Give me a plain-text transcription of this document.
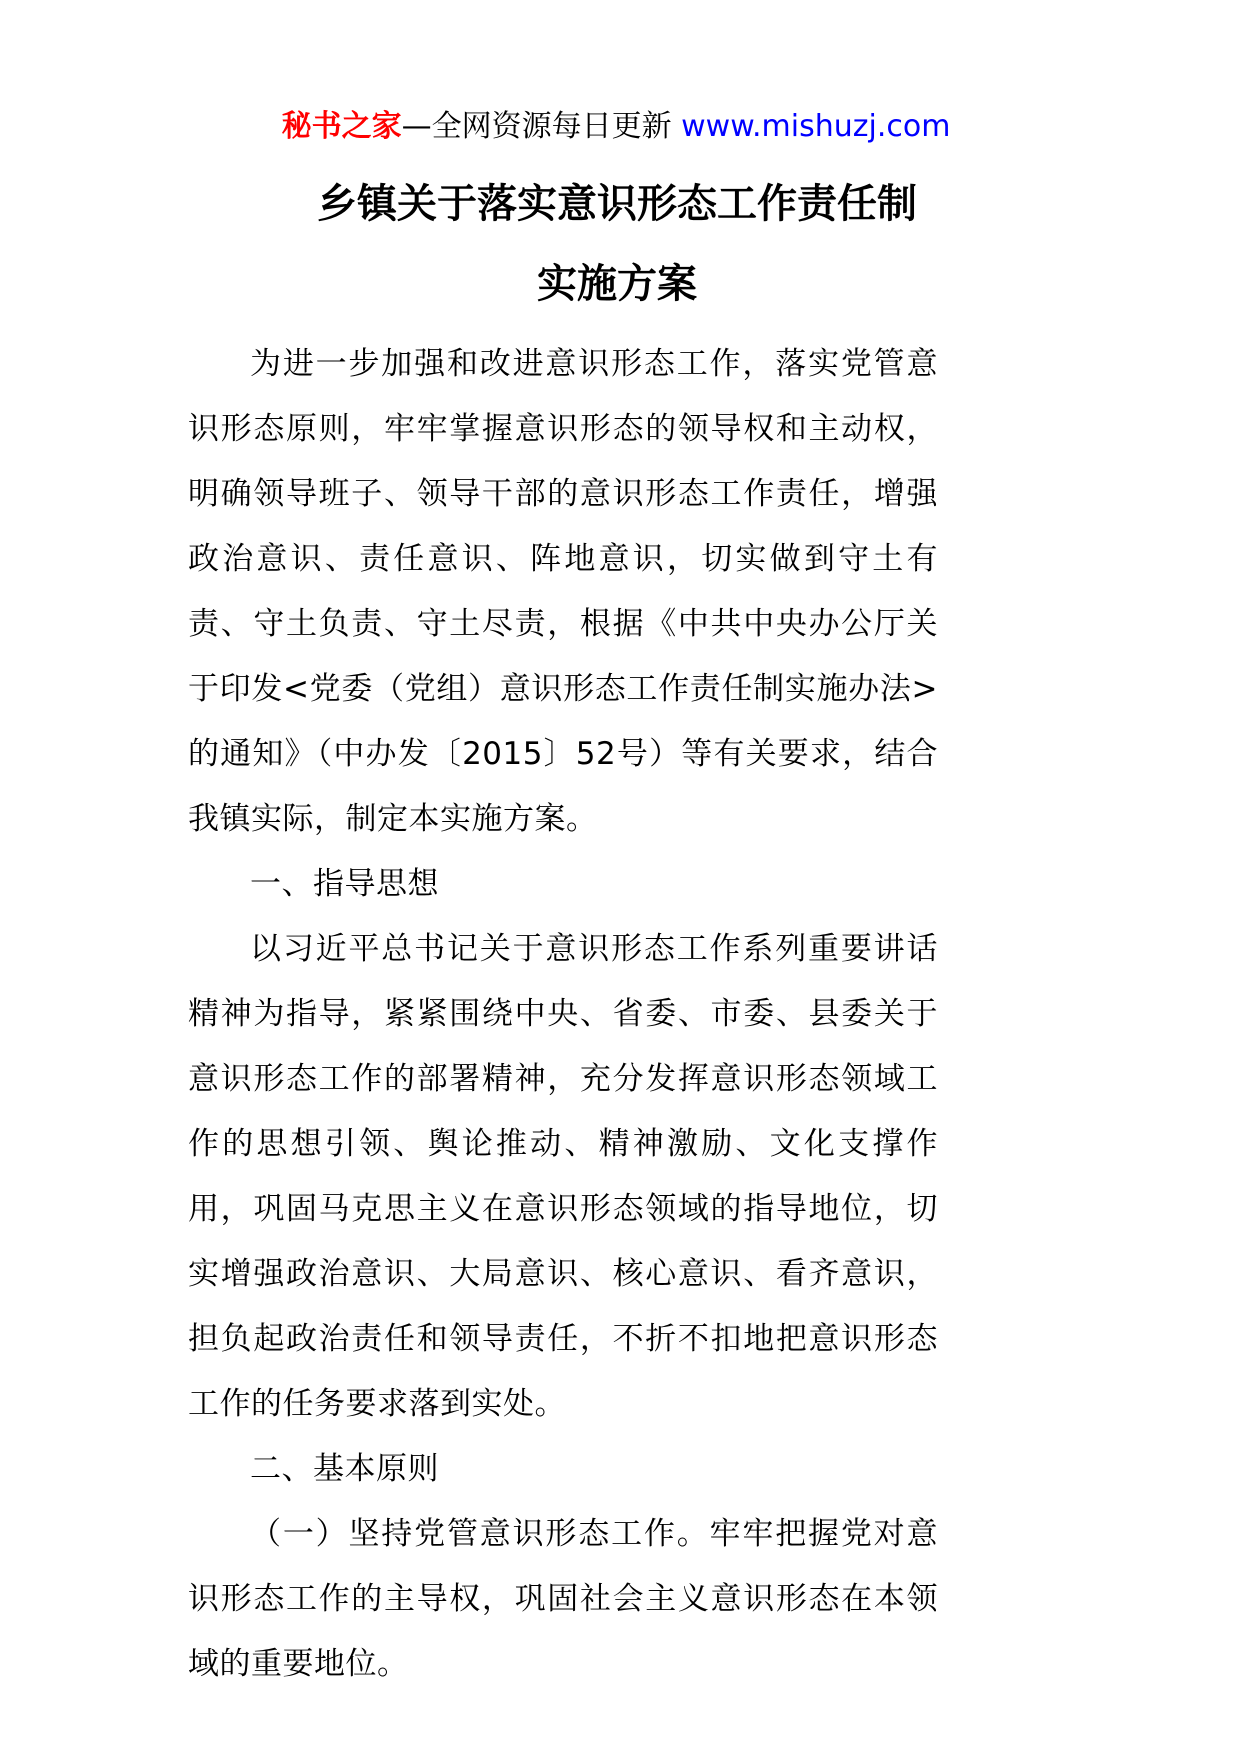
秘书之家—全网资源每日更新 www.mishuzj.com
乡镇关于落实意识形态工作责任制
实施方案

为进一步加强和改进意识形态工作，落实党管意识形态原则，牢牢掌握意识形态的领导权和主动权，明确领导班子、领导干部的意识形态工作责任，增强政治意识、责任意识、阵地意识，切实做到守土有责、守土负责、守土尽责，根据《中共中央办公厅关于印发<党委（党组）意识形态工作责任制实施办法>的通知》（中办发〔2015〕52号）等有关要求，结合我镇实际，制定本实施方案。

一、指导思想

以习近平总书记关于意识形态工作系列重要讲话精神为指导，紧紧围绕中央、省委、市委、县委关于意识形态工作的部署精神，充分发挥意识形态领域工作的思想引领、舆论推动、精神激励、文化支撑作用，巩固马克思主义在意识形态领域的指导地位，切实增强政治意识、大局意识、核心意识、看齐意识，担负起政治责任和领导责任，不折不扣地把意识形态工作的任务要求落到实处。

二、基本原则

（一）坚持党管意识形态工作。牢牢把握党对意识形态工作的主导权，巩固社会主义意识形态在本领域的重要地位。
